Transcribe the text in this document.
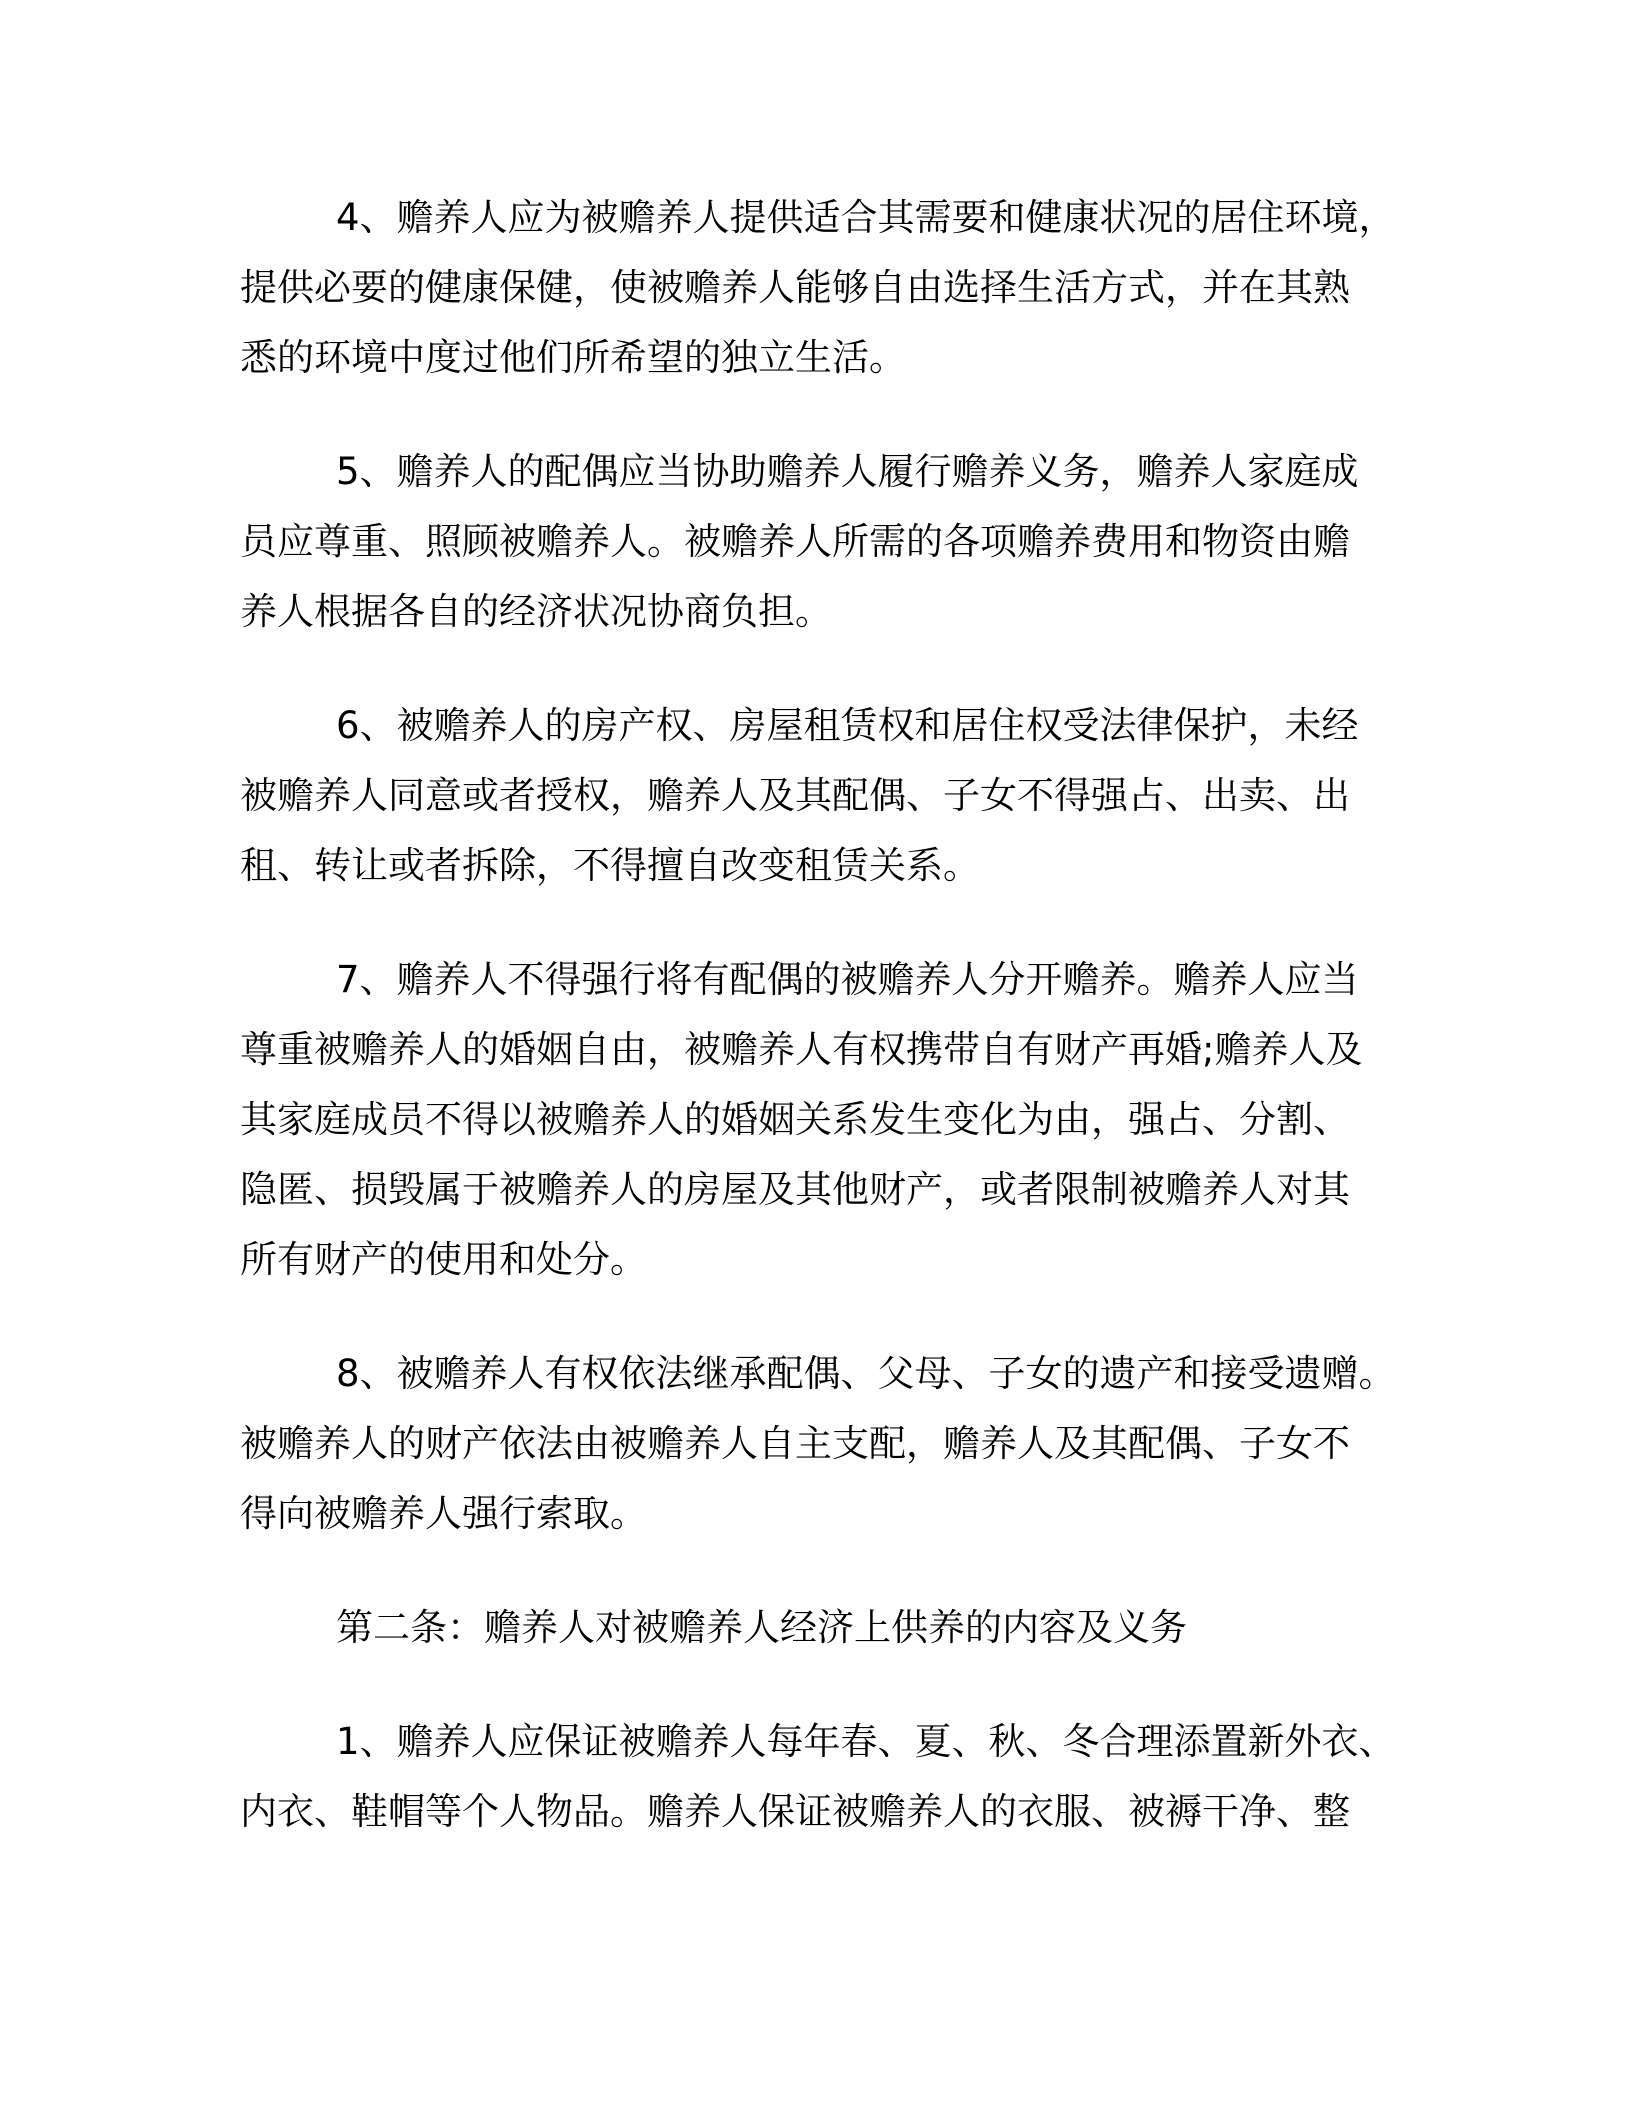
4、赡养人应为被赡养人提供适合其需要和健康状况的居住环境，

提供必要的健康保健，使被赡养人能够自由选择生活方式，并在其熟

悉的环境中度过他们所希望的独立生活。

5、赡养人的配偶应当协助赡养人履行赡养义务，赡养人家庭成

员应尊重、照顾被赡养人。被赡养人所需的各项赡养费用和物资由赡

养人根据各自的经济状况协商负担。

6、被赡养人的房产权、房屋租赁权和居住权受法律保护，未经

被赡养人同意或者授权，赡养人及其配偶、子女不得强占、出卖、出

租、转让或者拆除，不得擅自改变租赁关系。

7、赡养人不得强行将有配偶的被赡养人分开赡养。赡养人应当

尊重被赡养人的婚姻自由，被赡养人有权携带自有财产再婚;赡养人及

其家庭成员不得以被赡养人的婚姻关系发生变化为由，强占、分割、

隐匿、损毁属于被赡养人的房屋及其他财产，或者限制被赡养人对其

所有财产的使用和处分。

8、被赡养人有权依法继承配偶、父母、子女的遗产和接受遗赠。

被赡养人的财产依法由被赡养人自主支配，赡养人及其配偶、子女不

得向被赡养人强行索取。

第二条：赡养人对被赡养人经济上供养的内容及义务

1、赡养人应保证被赡养人每年春、夏、秋、冬合理添置新外衣、

内衣、鞋帽等个人物品。赡养人保证被赡养人的衣服、被褥干净、整
